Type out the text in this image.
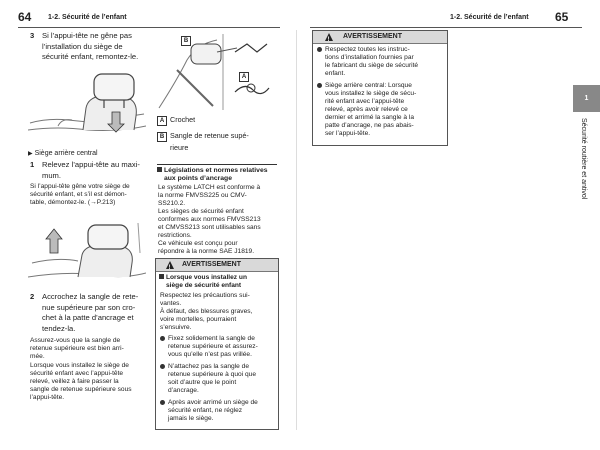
64 1-2. Sécurité de l’enfant	1-2. Sécurité de l’enfant 65
1
Sécurité routière et antivol
3 Si l’appui-tête ne gêne pas
l’installation du siège de
sécurité enfant, remontez-le.
▶ Siège arrière central
1 Relevez l’appui-tête au maxi-
mum.
Si l’appui-tête gêne votre siège de
sécurité enfant, et s’il est démon-
table, démontez-le. (→P.213)
2 Accrochez la sangle de rete-
nue supérieure par son cro-
chet à la patte d’ancrage et
tendez-la.
Assurez-vous que la sangle de
retenue supérieure est bien arri-
mée.
Lorsque vous installez le siège de
sécurité enfant avec l’appui-tête
relevé, veillez à faire passer la
sangle de retenue supérieure sous
l’appui-tête.
B
A
A Crochet
B Sangle de retenue supé-
rieure
Législations et normes relatives
aux points d’ancrage
Le système LATCH est conforme à
la norme FMVSS225 ou CMV-
SS210.2.
Les sièges de sécurité enfant
conformes aux normes FMVSS213
et CMVSS213 sont utilisables sans
restrictions.
Ce véhicule est conçu pour
répondre à la norme SAE J1819.
!
AVERTISSEMENT
Lorsque vous installez un
siège de sécurité enfant
Respectez les précautions sui-
vantes.
À défaut, des blessures graves,
voire mortelles, pourraient
s’ensuivre.
Fixez solidement la sangle de
retenue supérieure et assurez-
vous qu’elle n’est pas vrillée.
N’attachez pas la sangle de
retenue supérieure à quoi que
soit d’autre que le point
d’ancrage.
Après avoir arrimé un siège de
sécurité enfant, ne réglez
jamais le siège.
!
AVERTISSEMENT
Respectez toutes les instruc-
tions d’installation fournies par
le fabricant du siège de sécurité
enfant.
Siège arrière central: Lorsque
vous installez le siège de sécu-
rité enfant avec l’appui-tête
relevé, après avoir relevé ce
dernier et arrimé la sangle à la
patte d’ancrage, ne pas abais-
ser l’appui-tête.
